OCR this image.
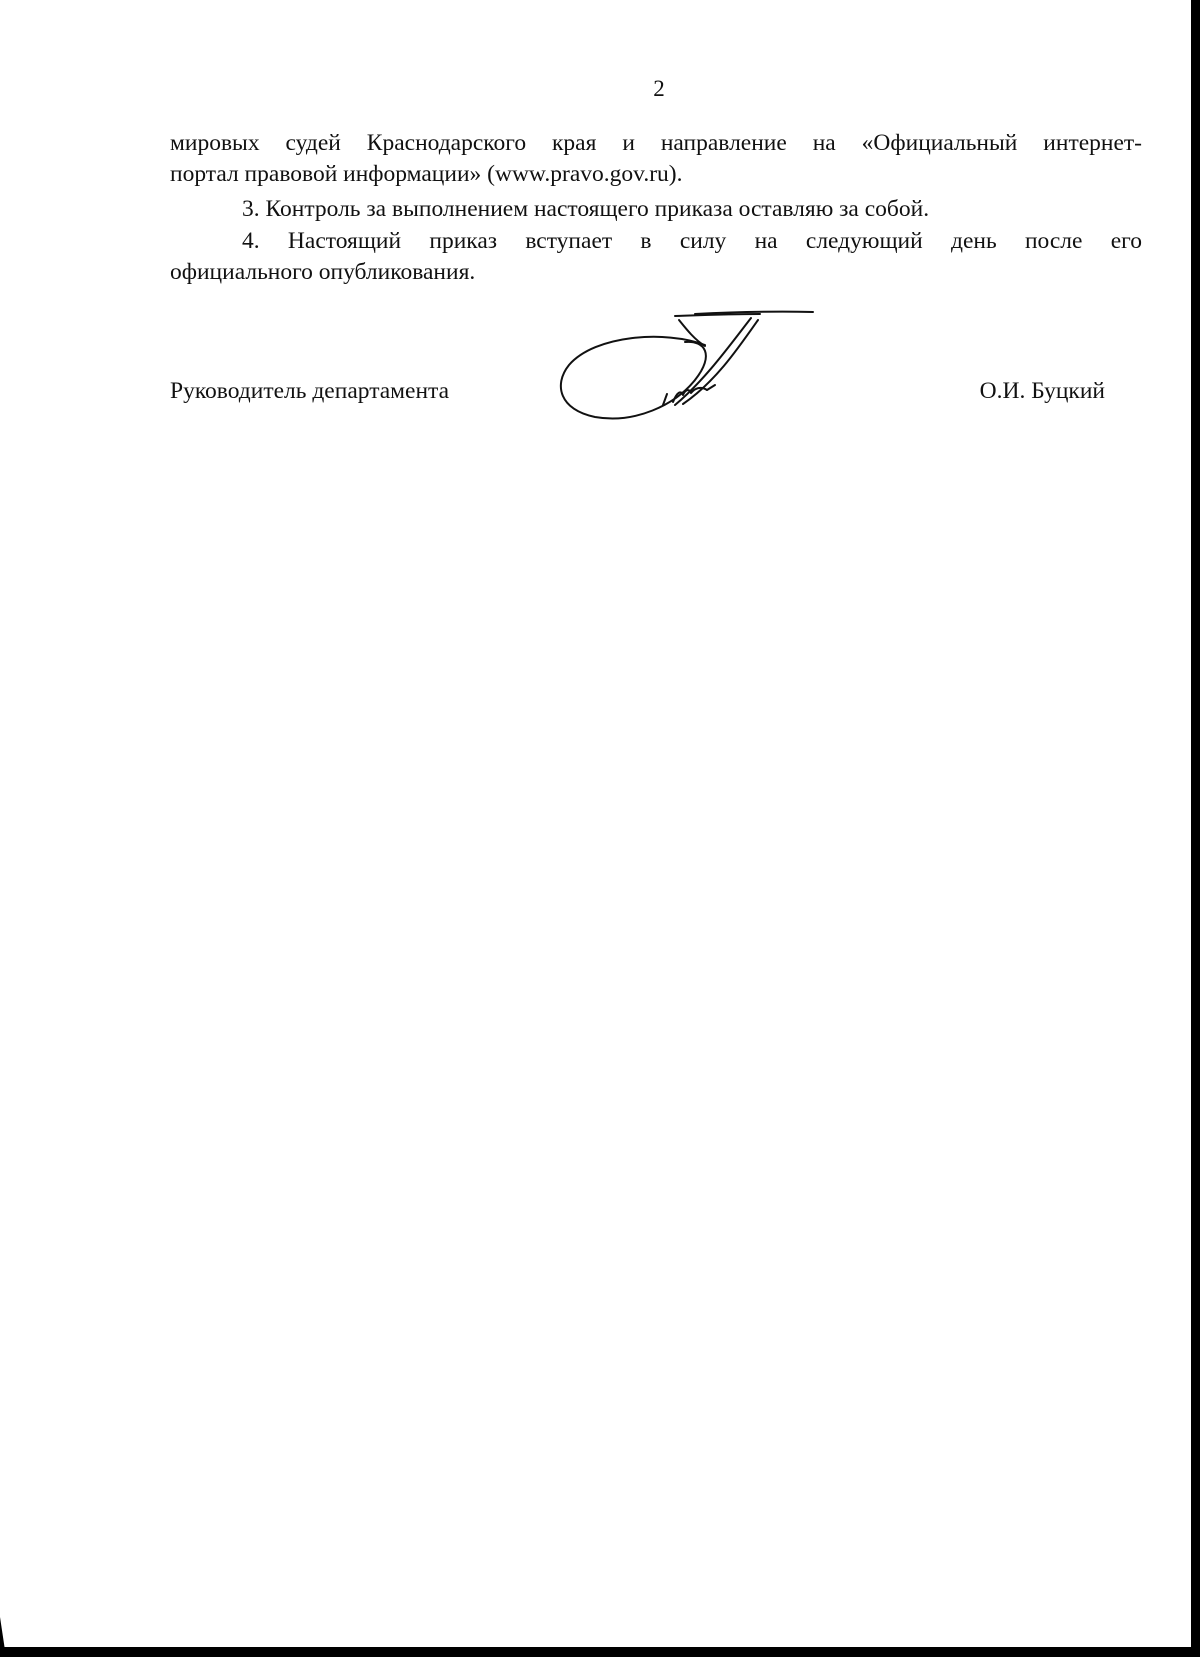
2
мировых судей Краснодарского края и направление на «Официальный интернет-
портал правовой информации» (www.pravo.gov.ru).
3. Контроль за выполнением настоящего приказа оставляю за собой.
4. Настоящий приказ вступает в силу на следующий день после его
официального опубликования.
Руководитель департамента	О.И. Буцкий
